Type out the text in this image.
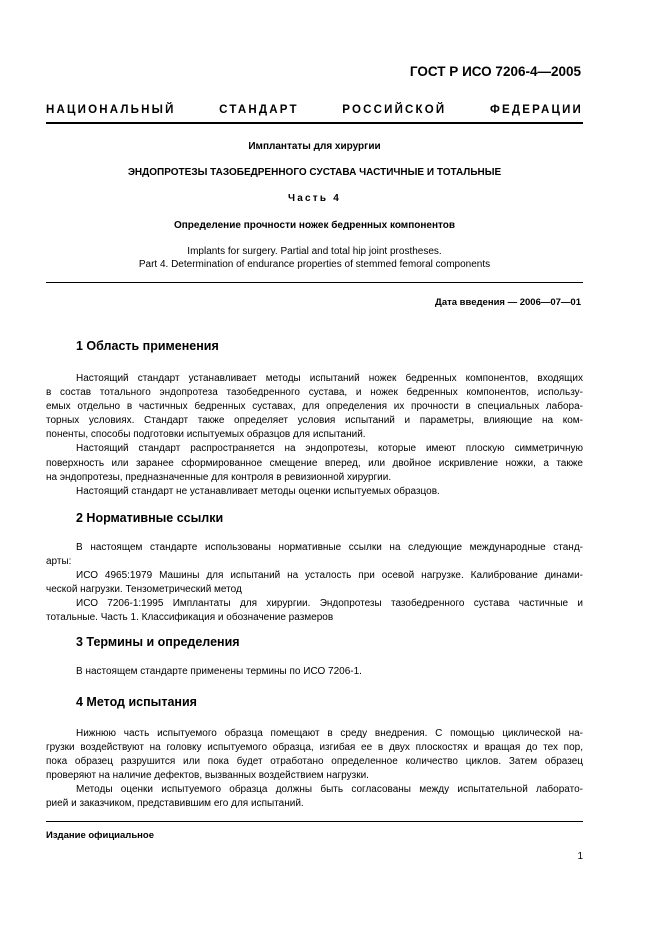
ГОСТ Р ИСО 7206-4—2005
НАЦИОНАЛЬНЫЙ	СТАНДАРТ	РОССИЙСКОЙ	ФЕДЕРАЦИИ
Имплантаты для хирургии
ЭНДОПРОТЕЗЫ ТАЗОБЕДРЕННОГО СУСТАВА ЧАСТИЧНЫЕ И ТОТАЛЬНЫЕ
Часть 4
Определение прочности ножек бедренных компонентов
Implants for surgery. Partial and total hip joint prostheses.
Part 4. Determination of endurance properties of stemmed femoral components
Дата введения — 2006—07—01
1 Область применения
Настоящий стандарт устанавливает методы испытаний ножек бедренных компонентов, входящих
в состав тотального эндопротеза тазобедренного сустава, и ножек бедренных компонентов, использу-
емых отдельно в частичных бедренных суставах, для определения их прочности в специальных лабора-
торных условиях. Стандарт также определяет условия испытаний и параметры, влияющие на ком-
поненты, способы подготовки испытуемых образцов для испытаний.
Настоящий стандарт распространяется на эндопротезы, которые имеют плоскую симметричную
поверхность или заранее сформированное смещение вперед, или двойное искривление ножки, а также
на эндопротезы, предназначенные для контроля в ревизионной хирургии.
Настоящий стандарт не устанавливает методы оценки испытуемых образцов.
2 Нормативные ссылки
В настоящем стандарте использованы нормативные ссылки на следующие международные станд-
арты:
ИСО 4965:1979 Машины для испытаний на усталость при осевой нагрузке. Калибрование динами-
ческой нагрузки. Тензометрический метод
ИСО 7206-1:1995 Имплантаты для хирургии. Эндопротезы тазобедренного сустава частичные и
тотальные. Часть 1. Классификация и обозначение размеров
3 Термины и определения
В настоящем стандарте применены термины по ИСО 7206-1.
4 Метод испытания
Нижнюю часть испытуемого образца помещают в среду внедрения. С помощью циклической на-
грузки воздействуют на головку испытуемого образца, изгибая ее в двух плоскостях и вращая до тех пор,
пока образец разрушится или пока будет отработано определенное количество циклов. Затем образец
проверяют на наличие дефектов, вызванных воздействием нагрузки.
Методы оценки испытуемого образца должны быть согласованы между испытательной лаборато-
рией и заказчиком, представившим его для испытаний.
Издание официальное
1
